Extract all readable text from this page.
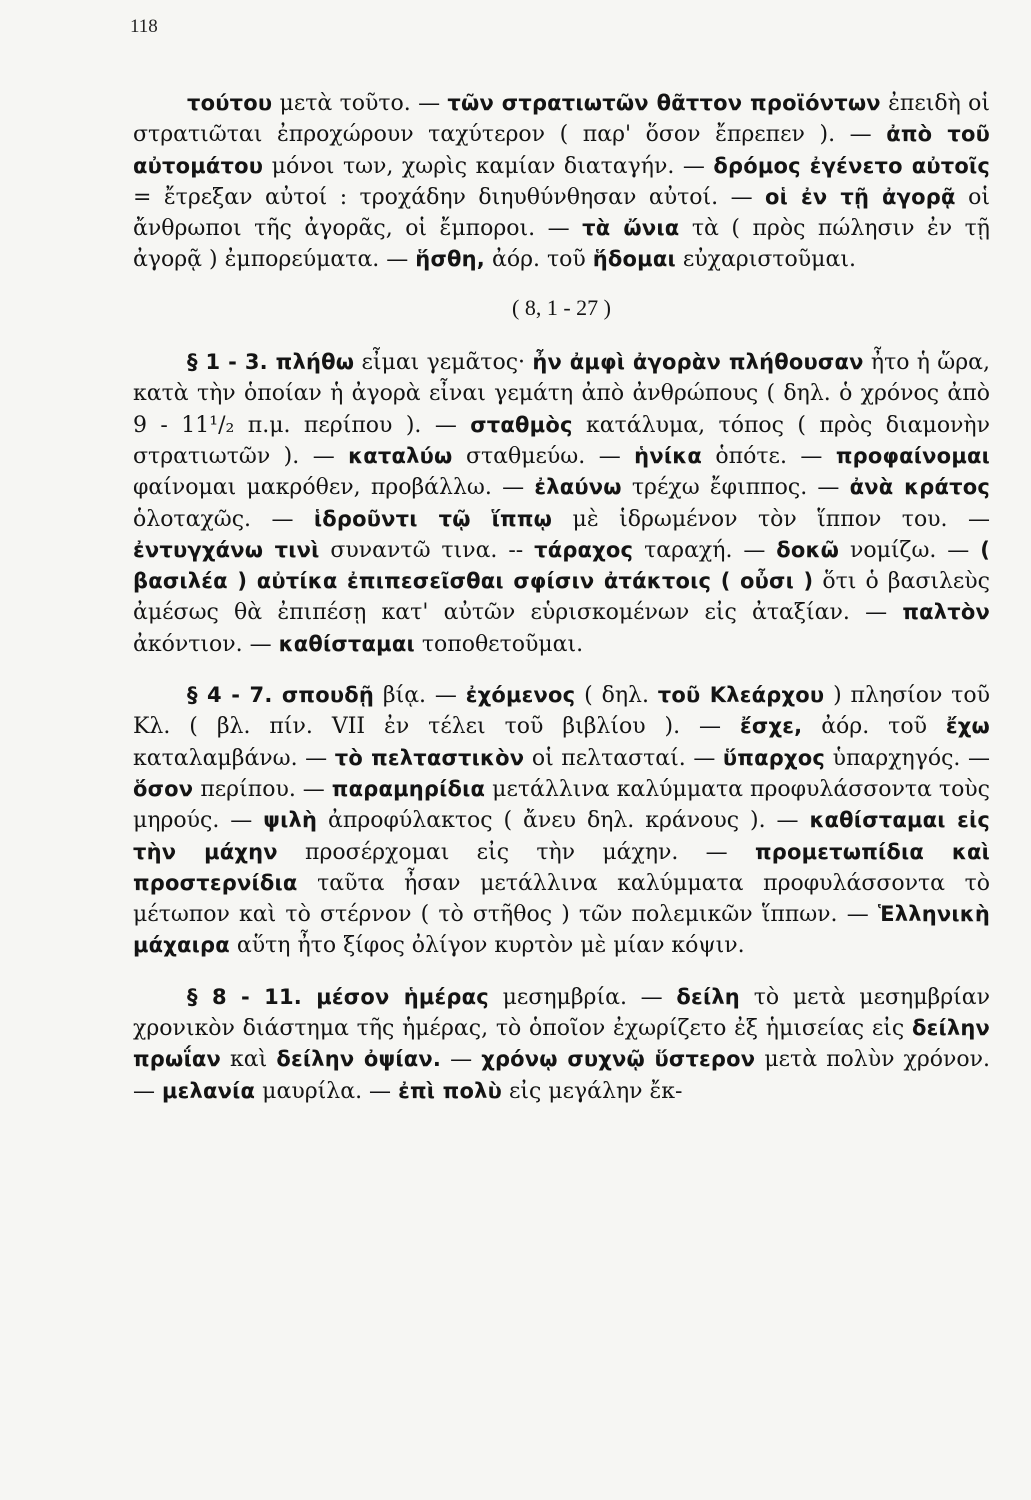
118

τούτου μετὰ τοῦτο. — τῶν στρατιωτῶν θᾶττον προϊόντων ἐπειδὴ οἱ στρατιῶται ἐπροχώρουν ταχύτερον ( παρ' ὅσον ἔπρεπεν ). — ἀπὸ τοῦ αὐτομάτου μόνοι των, χωρὶς καμίαν διαταγήν. — δρόμος ἐγένετο αὐτοῖς = ἔτρεξαν αὐτοί : τροχάδην διηυθύνθησαν αὐτοί. — οἱ ἐν τῇ ἀγορᾷ οἱ ἄνθρωποι τῆς ἀγορᾶς, οἱ ἔμποροι. — τὰ ὤνια τὰ ( πρὸς πώλησιν ἐν τῇ ἀγορᾷ ) ἐμπορεύματα. — ἥσθη, ἀόρ. τοῦ ἥδομαι εὐχαριστοῦμαι.

( 8, 1 - 27 )

§ 1 - 3. πλήθω εἶμαι γεμᾶτος· ἦν ἀμφὶ ἀγορὰν πλήθουσαν ἦτο ἡ ὥρα, κατὰ τὴν ὁποίαν ἡ ἀγορὰ εἶναι γεμάτη ἀπὸ ἀνθρώπους ( δηλ. ὁ χρόνος ἀπὸ 9 - 11¹/₂ π.μ. περίπου ). — σταθμὸς κατάλυμα, τόπος ( πρὸς διαμονὴν στρατιωτῶν ). — καταλύω σταθμεύω. — ἡνίκα ὁπότε. — προφαίνομαι φαίνομαι μακρόθεν, προβάλλω. — ἐλαύνω τρέχω ἔφιππος. — ἀνὰ κράτος ὁλοταχῶς. — ἱδροῦντι τῷ ἵππῳ μὲ ἱδρωμένον τὸν ἵππον του. — ἐντυγχάνω τινὶ συναντῶ τινα. -- τάραχος ταραχή. — δοκῶ νομίζω. — ( βασιλέα ) αὐτίκα ἐπιπεσεῖσθαι σφίσιν ἀτάκτοις ( οὖσι ) ὅτι ὁ βασιλεὺς ἀμέσως θὰ ἐπιπέσῃ κατ' αὐτῶν εὑρισκομένων εἰς ἀταξίαν. — παλτὸν ἀκόντιον. — καθίσταμαι τοποθετοῦμαι.

§ 4 - 7. σπουδῇ βίᾳ. — ἐχόμενος ( δηλ. τοῦ Κλεάρχου ) πλησίον τοῦ Κλ. ( βλ. πίν. VII ἐν τέλει τοῦ βιβλίου ). — ἔσχε, ἀόρ. τοῦ ἔχω καταλαμβάνω. — τὸ πελταστικὸν οἱ πελτασταί. — ὕπαρχος ὑπαρχηγός. — ὅσον περίπου. — παραμηρίδια μετάλλινα καλύμματα προφυλάσσοντα τοὺς μηρούς. — ψιλὴ ἀπροφύλακτος ( ἄνευ δηλ. κράνους ). — καθίσταμαι εἰς τὴν μάχην προσέρχομαι εἰς τὴν μάχην. — προμετωπίδια καὶ προστερνίδια ταῦτα ἦσαν μετάλλινα καλύμματα προφυλάσσοντα τὸ μέτωπον καὶ τὸ στέρνον ( τὸ στῆθος ) τῶν πολεμικῶν ἵππων. — Ἑλληνικὴ μάχαιρα αὕτη ἦτο ξίφος ὀλίγον κυρτὸν μὲ μίαν κόψιν.

§ 8 - 11. μέσον ἡμέρας μεσημβρία. — δείλη τὸ μετὰ μεσημβρίαν χρονικὸν διάστημα τῆς ἡμέρας, τὸ ὁποῖον ἐχωρίζετο ἐξ ἡμισείας εἰς δείλην πρωΐαν καὶ δείλην ὀψίαν. — χρόνῳ συχνῷ ὕστερον μετὰ πολὺν χρόνον. — μελανία μαυρίλα. — ἐπὶ πολὺ εἰς μεγάλην ἔκ-
